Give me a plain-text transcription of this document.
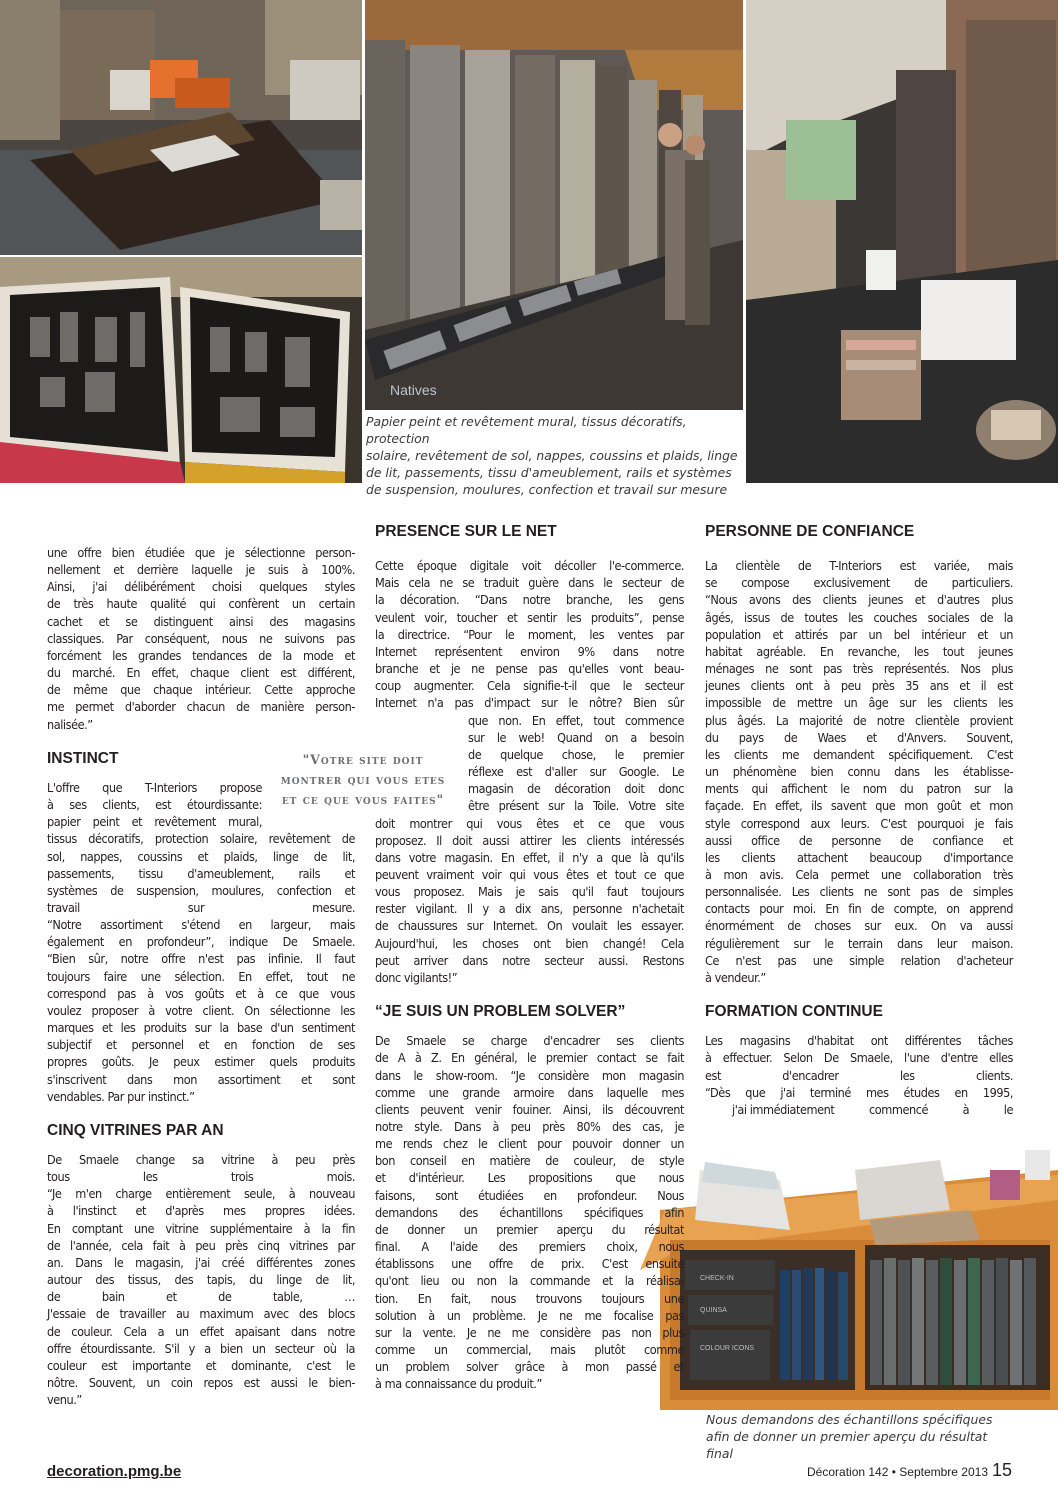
Natives
CHECK-IN
QUINSA
COLOUR ICONS
Papier peint et revêtement mural, tissus décoratifs, protection
solaire, revêtement de sol, nappes, coussins et plaids, linge
de lit, passements, tissu d'ameublement, rails et systèmes
de suspension, moulures, confection et travail sur mesure
Nous demandons des échantillons spécifiques
afin de donner un premier aperçu du résultat final
une offre bien étudiée que je sélectionne person-
nellement et derrière laquelle je suis à 100%.
Ainsi, j'ai délibérément choisi quelques styles
de très haute qualité qui confèrent un certain
cachet et se distinguent ainsi des magasins
classiques. Par conséquent, nous ne suivons pas
forcément les grandes tendances de la mode et
du marché. En effet, chaque client est différent,
de même que chaque intérieur. Cette approche
me permet d'aborder chacun de manière person-
nalisée.”
INSTINCT
L'offre que T-Interiors propose
à ses clients, est étourdissante:
papier peint et revêtement mural,
tissus décoratifs, protection solaire, revêtement de
sol, nappes, coussins et plaids, linge de lit,
passements, tissu d'ameublement, rails et
systèmes de suspension, moulures, confection et
travail sur mesure.
“Notre assortiment s'étend en largeur, mais
également en profondeur”, indique De Smaele.
“Bien sûr, notre offre n'est pas infinie. Il faut
toujours faire une sélection. En effet, tout ne
correspond pas à vos goûts et à ce que vous
voulez proposer à votre client. On sélectionne les
marques et les produits sur la base d'un sentiment
subjectif et personnel et en fonction de ses
propres goûts. Je peux estimer quels produits
s'inscrivent dans mon assortiment et sont
vendables. Par pur instinct.”
CINQ VITRINES PAR AN
De Smaele change sa vitrine à peu près
tous les trois mois.
“Je m'en charge entièrement seule, à nouveau
à l'instinct et d'après mes propres idées.
En comptant une vitrine supplémentaire à la fin
de l'année, cela fait à peu près cinq vitrines par
an. Dans le magasin, j'ai créé différentes zones
autour des tissus, des tapis, du linge de lit,
de bain et de table, …
J'essaie de travailler au maximum avec des blocs
de couleur. Cela a un effet apaisant dans notre
offre étourdissante. S'il y a bien un secteur où la
couleur est importante et dominante, c'est le
nôtre. Souvent, un coin repos est aussi le bien-
venu.”
"Votre site doit
montrer qui vous etes
et ce que vous faites"
PRESENCE SUR LE NET
Cette époque digitale voit décoller l'e-commerce.
Mais cela ne se traduit guère dans le secteur de
la décoration. “Dans notre branche, les gens
veulent voir, toucher et sentir les produits”, pense
la directrice. “Pour le moment, les ventes par
Internet représentent environ 9% dans notre
branche et je ne pense pas qu'elles vont beau-
coup augmenter. Cela signifie-t-il que le secteur
Internet n'a pas d'impact sur le nôtre? Bien sûr
que non. En effet, tout commence
sur le web! Quand on a besoin
de quelque chose, le premier
réflexe est d'aller sur Google. Le
magasin de décoration doit donc
être présent sur la Toile. Votre site
doit montrer qui vous êtes et ce que vous
proposez. Il doit aussi attirer les clients intéressés
dans votre magasin. En effet, il n'y a que là qu'ils
peuvent vraiment voir qui vous êtes et tout ce que
vous proposez. Mais je sais qu'il faut toujours
rester vigilant. Il y a dix ans, personne n'achetait
de chaussures sur Internet. On voulait les essayer.
Aujourd'hui, les choses ont bien changé! Cela
peut arriver dans notre secteur aussi. Restons
donc vigilants!”
“JE SUIS UN PROBLEM SOLVER”
De Smaele se charge d'encadrer ses clients
de A à Z. En général, le premier contact se fait
dans le show-room. “Je considère mon magasin
comme une grande armoire dans laquelle mes
clients peuvent venir fouiner. Ainsi, ils découvrent
notre style. Dans à peu près 80% des cas, je
me rends chez le client pour pouvoir donner un
bon conseil en matière de couleur, de style
et d'intérieur. Les propositions que nous
faisons, sont étudiées en profondeur. Nous
demandons des échantillons spécifiques afin
de donner un premier aperçu du résultat
final. A l'aide des premiers choix, nous
établissons une offre de prix. C'est ensuite
qu'ont lieu ou non la commande et la réalisa-
tion. En fait, nous trouvons toujours une
solution à un problème. Je ne me focalise pas
sur la vente. Je ne me considère pas non plus
comme un commercial, mais plutôt comme
un problem solver grâce à mon passé et
à ma connaissance du produit.”
PERSONNE DE CONFIANCE
La clientèle de T-Interiors est variée, mais
se compose exclusivement de particuliers.
“Nous avons des clients jeunes et d'autres plus
âgés, issus de toutes les couches sociales de la
population et attirés par un bel intérieur et un
habitat agréable. En revanche, les tout jeunes
ménages ne sont pas très représentés. Nos plus
jeunes clients ont à peu près 35 ans et il est
impossible de mettre un âge sur les clients les
plus âgés. La majorité de notre clientèle provient
du pays de Waes et d'Anvers. Souvent,
les clients me demandent spécifiquement. C'est
un phénomène bien connu dans les établisse-
ments qui affichent le nom du patron sur la
façade. En effet, ils savent que mon goût et mon
style correspond aux leurs. C'est pourquoi je fais
aussi office de personne de confiance et
les clients attachent beaucoup d'importance
à mon avis. Cela permet une collaboration très
personnalisée. Les clients ne sont pas de simples
contacts pour moi. En fin de compte, on apprend
énormément de choses sur eux. On va aussi
régulièrement sur le terrain dans leur maison.
Ce n'est pas une simple relation d'acheteur
à vendeur.”
FORMATION CONTINUE
Les magasins d'habitat ont différentes tâches
à effectuer. Selon De Smaele, l'une d'entre elles
est d'encadrer les clients.
“Dès que j'ai terminé mes études en 1995,
j'ai immédiatement	commencé	à	le
decoration.pmg.be	Décoration 142 • Septembre 2013 15
